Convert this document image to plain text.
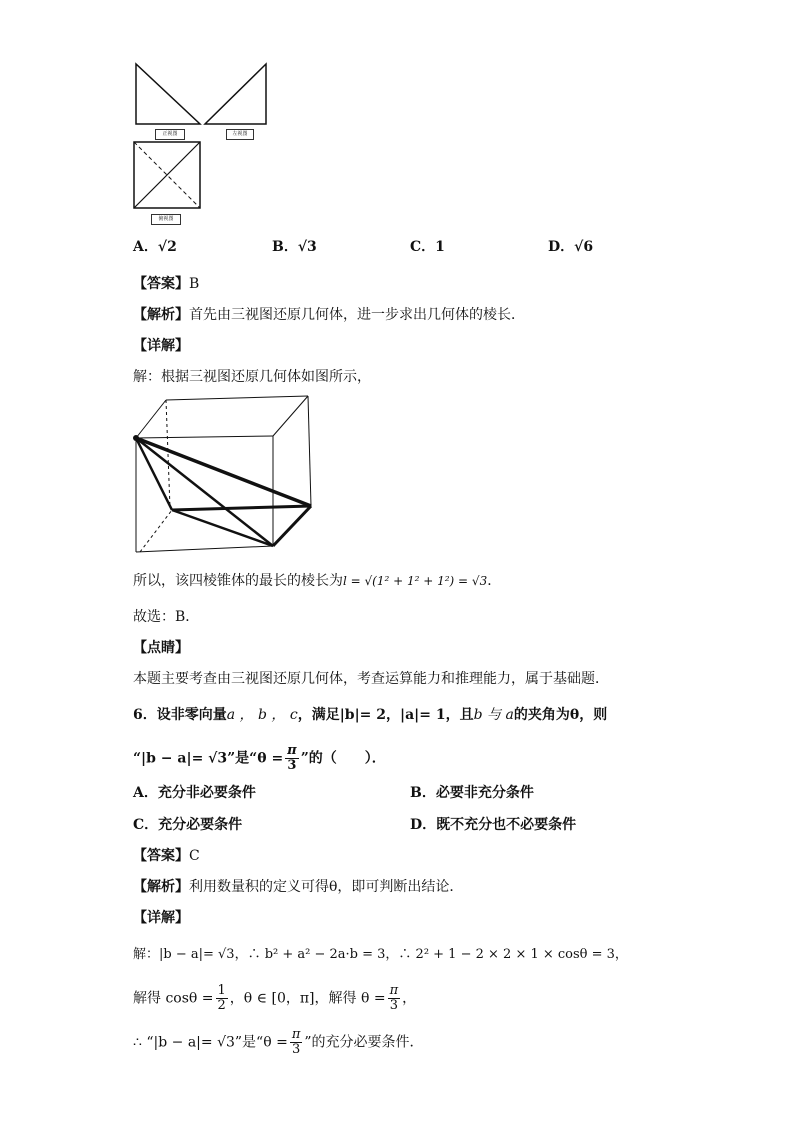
正视图	左视图
俯视图
A．√2	B．√3	C．1	D．√6
【答案】B
【解析】首先由三视图还原几何体，进一步求出几何体的棱长．
【详解】
解：根据三视图还原几何体如图所示，
所以，该四棱锥体的最长的棱长为l = √(1² + 1² + 1²) = √3．
故选：B．
【点睛】
本题主要考查由三视图还原几何体，考查运算能力和推理能力，属于基础题．
6．设非零向量a ， b ， c，满足|b|= 2，|a|= 1，且b 与 a的夹角为θ，则
“|b − a|= √3”是“$\theta = \frac{\pi}{3}$ ”的（　　）．
A．充分非必要条件	B．必要非充分条件
C．充分必要条件	D．既不充分也不必要条件
【答案】C
【解析】利用数量积的定义可得θ，即可判断出结论．
【详解】
解：|b − a|= √3，∴ b² + a² − 2a·b = 3，∴ 2² + 1 − 2 × 2 × 1 × cosθ = 3，
解得 $\cos\theta = \frac{1}{2}$ ，θ ∈ [0，π]，解得 $\theta = \frac{\pi}{3}$ ，
∴ “|b − a|= √3”是“$\theta = \frac{\pi}{3}$ ”的充分必要条件．
